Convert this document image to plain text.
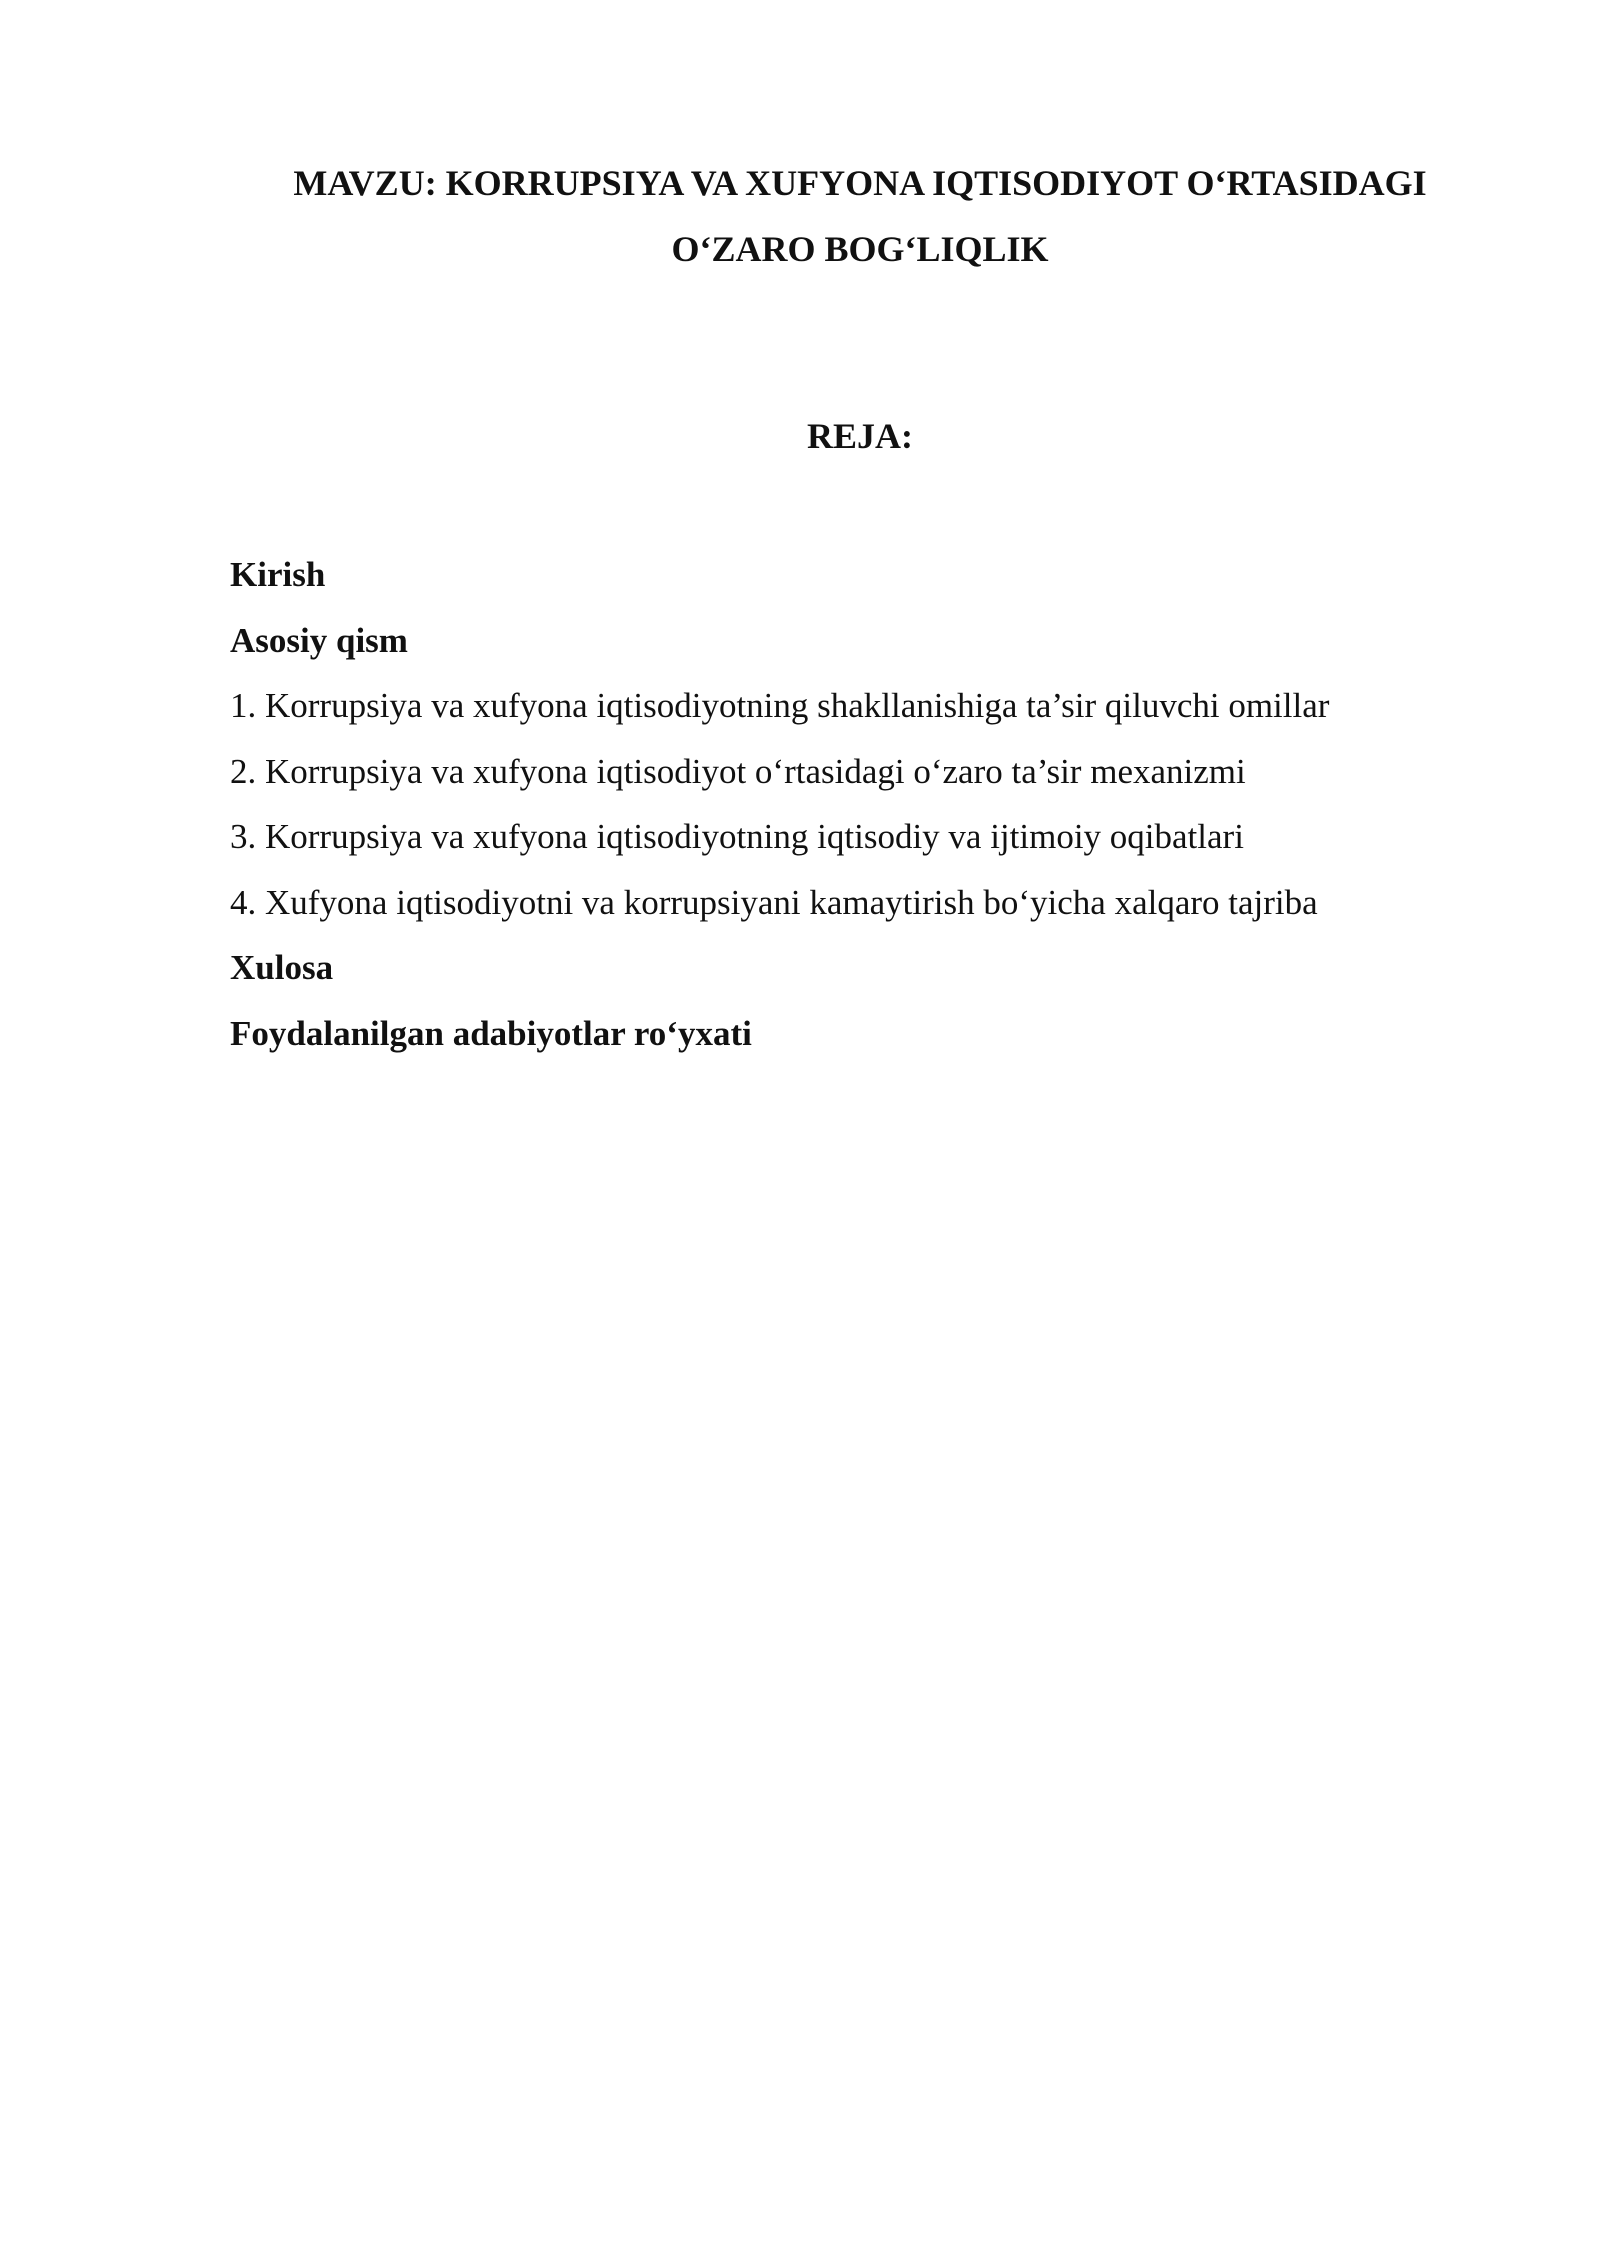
MAVZU: KORRUPSIYA VA XUFYONA IQTISODIYOT O‘RTASIDAGI
O‘ZARO BOG‘LIQLIK
REJA:
Kirish
Asosiy qism
1. Korrupsiya va xufyona iqtisodiyotning shakllanishiga ta’sir qiluvchi omillar
2. Korrupsiya va xufyona iqtisodiyot o‘rtasidagi o‘zaro ta’sir mexanizmi
3. Korrupsiya va xufyona iqtisodiyotning iqtisodiy va ijtimoiy oqibatlari
4. Xufyona iqtisodiyotni va korrupsiyani kamaytirish bo‘yicha xalqaro tajriba
Xulosa
Foydalanilgan adabiyotlar ro‘yxati
